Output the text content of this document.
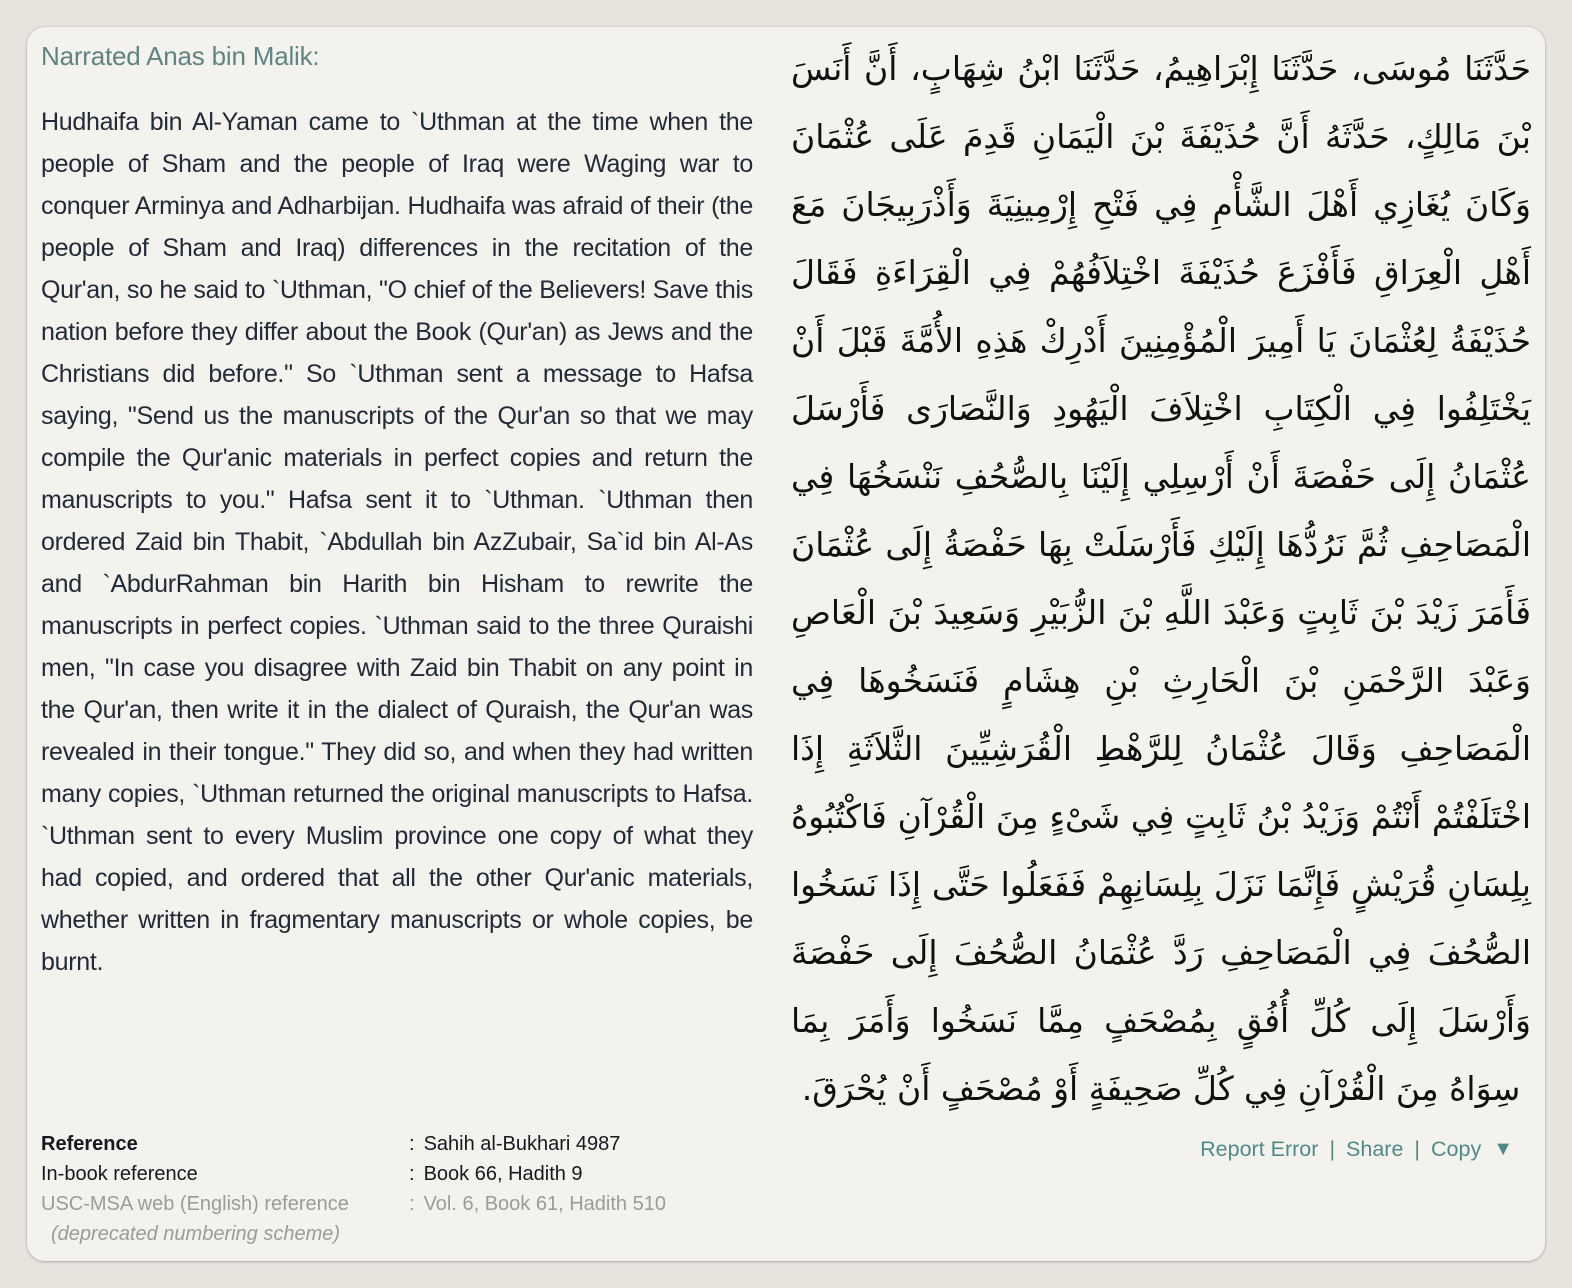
Narrated Anas bin Malik:

Hudhaifa bin Al-Yaman came to `Uthman at the time when the people of Sham and the people of Iraq were Waging war to conquer Arminya and Adharbijan. Hudhaifa was afraid of their (the people of Sham and Iraq) differences in the recitation of the Qur'an, so he said to `Uthman, "O chief of the Believers! Save this nation before they differ about the Book (Qur'an) as Jews and the Christians did before." So `Uthman sent a message to Hafsa saying, "Send us the manuscripts of the Qur'an so that we may compile the Qur'anic materials in perfect copies and return the manuscripts to you." Hafsa sent it to `Uthman. `Uthman then ordered Zaid bin Thabit, `Abdullah bin AzZubair, Sa`id bin Al-As and `AbdurRahman bin Harith bin Hisham to rewrite the manuscripts in perfect copies. `Uthman said to the three Quraishi men, "In case you disagree with Zaid bin Thabit on any point in the Qur'an, then write it in the dialect of Quraish, the Qur'an was revealed in their tongue." They did so, and when they had written many copies, `Uthman returned the original manuscripts to Hafsa. `Uthman sent to every Muslim province one copy of what they had copied, and ordered that all the other Qur'anic materials, whether written in fragmentary manuscripts or whole copies, be burnt.

حَدَّثَنَا مُوسَى، حَدَّثَنَا إِبْرَاهِيمُ، حَدَّثَنَا ابْنُ شِهَابٍ، أَنَّ أَنَسَ بْنَ مَالِكٍ، حَدَّثَهُ أَنَّ حُذَيْفَةَ بْنَ الْيَمَانِ قَدِمَ عَلَى عُثْمَانَ وَكَانَ يُغَازِي أَهْلَ الشَّأْمِ فِي فَتْحِ إِرْمِينِيَةَ وَأَذْرَبِيجَانَ مَعَ أَهْلِ الْعِرَاقِ فَأَفْزَعَ حُذَيْفَةَ اخْتِلاَفُهُمْ فِي الْقِرَاءَةِ فَقَالَ حُذَيْفَةُ لِعُثْمَانَ يَا أَمِيرَ الْمُؤْمِنِينَ أَدْرِكْ هَذِهِ الأُمَّةَ قَبْلَ أَنْ يَخْتَلِفُوا فِي الْكِتَابِ اخْتِلاَفَ الْيَهُودِ وَالنَّصَارَى فَأَرْسَلَ عُثْمَانُ إِلَى حَفْصَةَ أَنْ أَرْسِلِي إِلَيْنَا بِالصُّحُفِ نَنْسَخُهَا فِي الْمَصَاحِفِ ثُمَّ نَرُدُّهَا إِلَيْكِ فَأَرْسَلَتْ بِهَا حَفْصَةُ إِلَى عُثْمَانَ فَأَمَرَ زَيْدَ بْنَ ثَابِتٍ وَعَبْدَ اللَّهِ بْنَ الزُّبَيْرِ وَسَعِيدَ بْنَ الْعَاصِ وَعَبْدَ الرَّحْمَنِ بْنَ الْحَارِثِ بْنِ هِشَامٍ فَنَسَخُوهَا فِي الْمَصَاحِفِ وَقَالَ عُثْمَانُ لِلرَّهْطِ الْقُرَشِيِّينَ الثَّلاَثَةِ إِذَا اخْتَلَفْتُمْ أَنْتُمْ وَزَيْدُ بْنُ ثَابِتٍ فِي شَىْءٍ مِنَ الْقُرْآنِ فَاكْتُبُوهُ بِلِسَانِ قُرَيْشٍ فَإِنَّمَا نَزَلَ بِلِسَانِهِمْ فَفَعَلُوا حَتَّى إِذَا نَسَخُوا الصُّحُفَ فِي الْمَصَاحِفِ رَدَّ عُثْمَانُ الصُّحُفَ إِلَى حَفْصَةَ وَأَرْسَلَ إِلَى كُلِّ أُفُقٍ بِمُصْحَفٍ مِمَّا نَسَخُوا وَأَمَرَ بِمَا سِوَاهُ مِنَ الْقُرْآنِ فِي كُلِّ صَحِيفَةٍ أَوْ مُصْحَفٍ أَنْ يُحْرَقَ.

Reference	: Sahih al-Bukhari 4987
In-book reference	: Book 66, Hadith 9
USC-MSA web (English) reference	: Vol. 6, Book 61, Hadith 510
(deprecated numbering scheme)
Report Error | Share | Copy ▼
